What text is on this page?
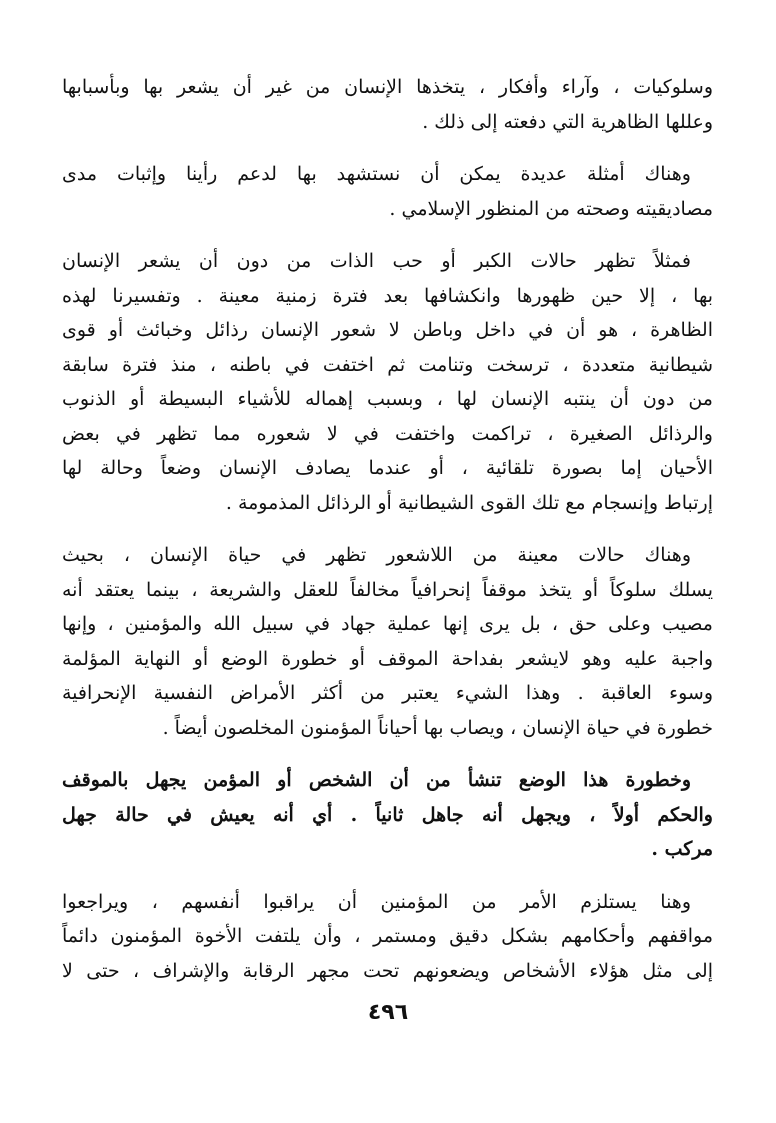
وسلوكيات ، وآراء وأفكار ، يتخذها الإنسان من غير أن يشعر بها وبأسبابها
وعللها الظاهرية التي دفعته إلى ذلك .
وهناك أمثلة عديدة يمكن أن نستشهد بها لدعم رأينا وإثبات مدى
مصاديقيته وصحته من المنظور الإسلامي .
فمثلاً تظهر حالات الكبر أو حب الذات من دون أن يشعر الإنسان
بها ، إلا حين ظهورها وانكشافها بعد فترة زمنية معينة . وتفسيرنا لهذه
الظاهرة ، هو أن في داخل وباطن لا شعور الإنسان رذائل وخبائث أو قوى
شيطانية متعددة ، ترسخت وتنامت ثم اختفت في باطنه ، منذ فترة سابقة
من دون أن ينتبه الإنسان لها ، وبسبب إهماله للأشياء البسيطة أو الذنوب
والرذائل الصغيرة ، تراكمت واختفت في لا شعوره مما تظهر في بعض
الأحيان إما بصورة تلقائية ، أو عندما يصادف الإنسان وضعاً وحالة لها
إرتباط وإنسجام مع تلك القوى الشيطانية أو الرذائل المذمومة .
وهناك حالات معينة من اللاشعور تظهر في حياة الإنسان ، بحيث
يسلك سلوكاً أو يتخذ موقفاً إنحرافياً مخالفاً للعقل والشريعة ، بينما يعتقد أنه
مصيب وعلى حق ، بل يرى إنها عملية جهاد في سبيل الله والمؤمنين ، وإنها
واجبة عليه وهو لايشعر بفداحة الموقف أو خطورة الوضع أو النهاية المؤلمة
وسوء العاقبة . وهذا الشيء يعتبر من أكثر الأمراض النفسية الإنحرافية
خطورة في حياة الإنسان ، ويصاب بها أحياناً المؤمنون المخلصون أيضاً .
وخطورة هذا الوضع تنشأ من أن الشخص أو المؤمن يجهل بالموقف
والحكم أولاً ، ويجهل أنه جاهل ثانياً . أي أنه يعيش في حالة جهل
مركب .
وهنا يستلزم الأمر من المؤمنين أن يراقبوا أنفسهم ، ويراجعوا
مواقفهم وأحكامهم بشكل دقيق ومستمر ، وأن يلتفت الأخوة المؤمنون دائماً
إلى مثل هؤلاء الأشخاص ويضعونهم تحت مجهر الرقابة والإشراف ، حتى لا
٤٩٦
